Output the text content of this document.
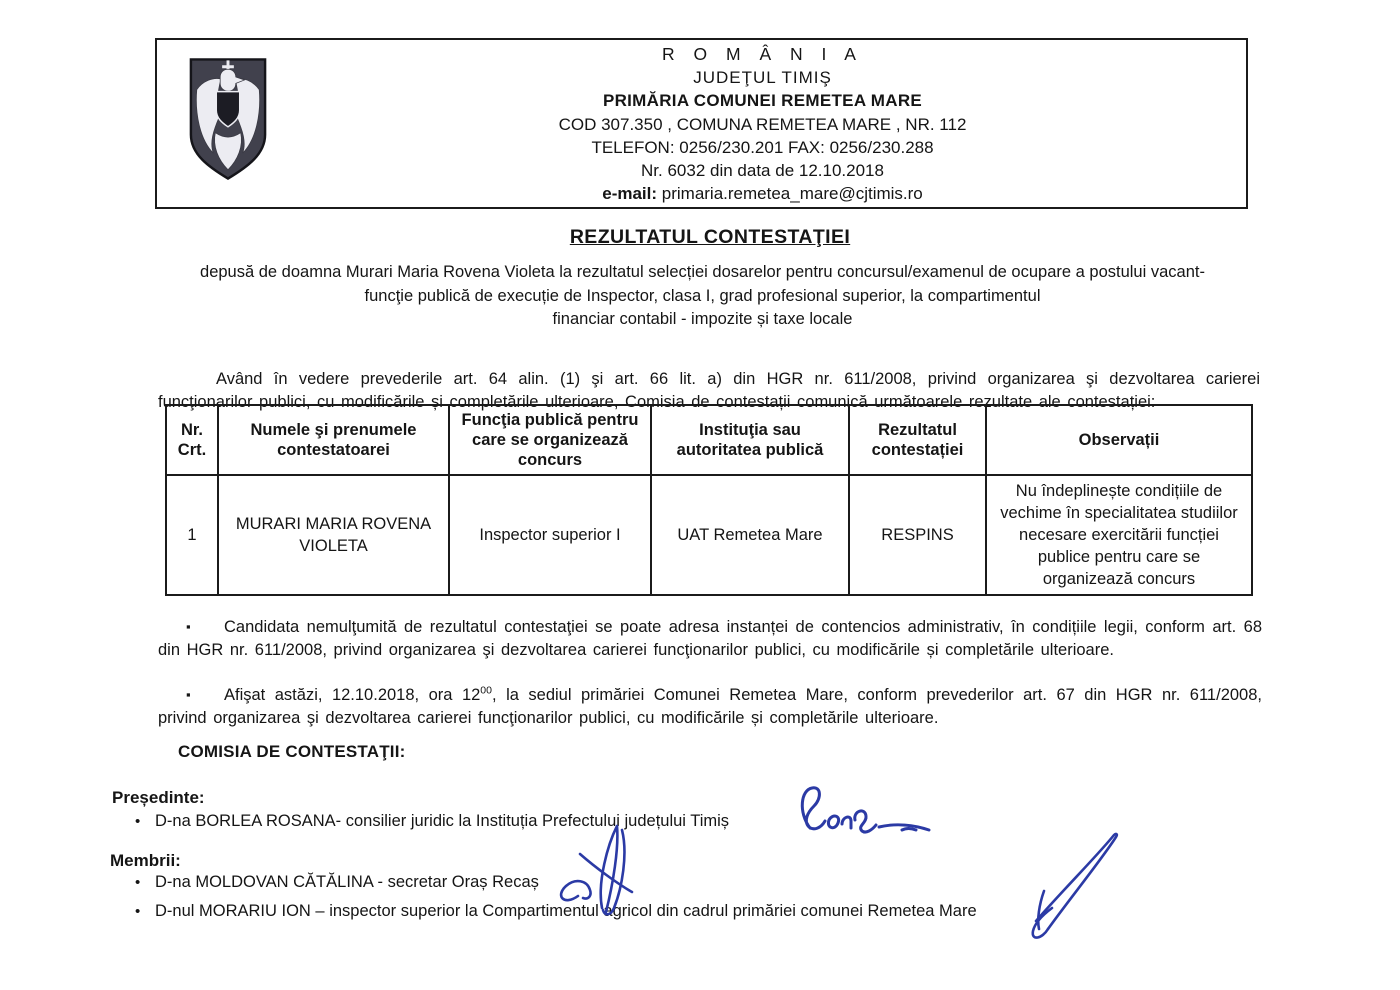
R O M Â N I A
JUDEŢUL TIMIŞ
PRIMĂRIA COMUNEI REMETEA MARE
COD 307.350 , COMUNA REMETEA MARE , NR. 112
TELEFON: 0256/230.201 FAX: 0256/230.288
Nr. 6032 din data de 12.10.2018
e-mail: primaria.remetea_mare@cjtimis.ro
REZULTATUL CONTESTAŢIEI
depusă de doamna Murari Maria Rovena Violeta la rezultatul selecției dosarelor pentru concursul/examenul de ocupare a postului vacant-
funcţie publică de execuție de Inspector, clasa I, grad profesional superior, la compartimentul
financiar contabil - impozite și taxe locale

Având în vedere prevederile art. 64 alin. (1) şi art. 66 lit. a) din HGR nr. 611/2008, privind organizarea şi dezvoltarea carierei funcţionarilor publici, cu modificările și completările ulterioare, Comisia de contestații comunică următoarele rezultate ale contestației:

Nr. Crt.	Numele şi prenumele contestatoarei	Funcţia publică pentru care se organizează concurs	Instituţia sau autoritatea publică	Rezultatul contestației	Observații
1	MURARI MARIA ROVENA VIOLETA	Inspector superior I	UAT Remetea Mare	RESPINS	Nu îndeplinește condițiile de vechime în specialitatea studiilor necesare exercitării funcției publice pentru care se organizează concurs

▪ Candidata nemulţumită de rezultatul contestaţiei se poate adresa instanței de contencios administrativ, în condițiile legii, conform art. 68 din HGR nr. 611/2008, privind organizarea şi dezvoltarea carierei funcţionarilor publici, cu modificările și completările ulterioare.

▪ Afişat astăzi, 12.10.2018, ora $12^{00}$, la sediul primăriei Comunei Remetea Mare, conform prevederilor art. 67 din HGR nr. 611/2008, privind organizarea şi dezvoltarea carierei funcţionarilor publici, cu modificările și completările ulterioare.

COMISIA DE CONTESTAŢII:
Președinte:
• D-na BORLEA ROSANA- consilier juridic la Instituția Prefectului județului Timiș
Membrii:
• D-na MOLDOVAN CĂTĂLINA - secretar Oraș Recaș
• D-nul MORARIU ION – inspector superior la Compartimentul agricol din cadrul primăriei comunei Remetea Mare
